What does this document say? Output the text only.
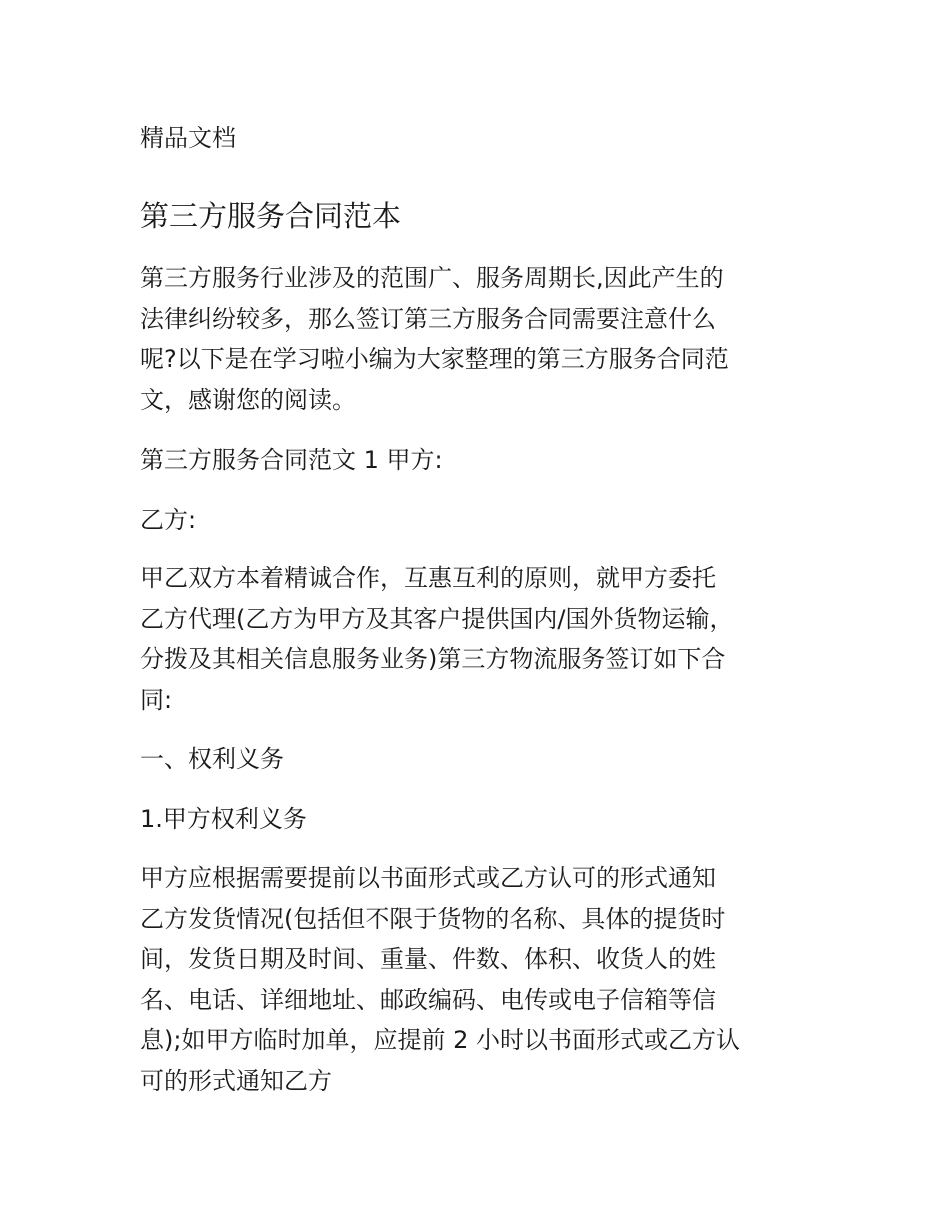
精品文档
第三方服务合同范本
第三方服务行业涉及的范围广、服务周期长,因此产生的
法律纠纷较多，那么签订第三方服务合同需要注意什么
呢?以下是在学习啦小编为大家整理的第三方服务合同范
文，感谢您的阅读。
第三方服务合同范文 1 甲方:
乙方:
甲乙双方本着精诚合作，互惠互利的原则，就甲方委托
乙方代理(乙方为甲方及其客户提供国内/国外货物运输，
分拨及其相关信息服务业务)第三方物流服务签订如下合
同:
一、权利义务
1.甲方权利义务
甲方应根据需要提前以书面形式或乙方认可的形式通知
乙方发货情况(包括但不限于货物的名称、具体的提货时
间，发货日期及时间、重量、件数、体积、收货人的姓
名、电话、详细地址、邮政编码、电传或电子信箱等信
息);如甲方临时加单，应提前 2 小时以书面形式或乙方认
可的形式通知乙方
